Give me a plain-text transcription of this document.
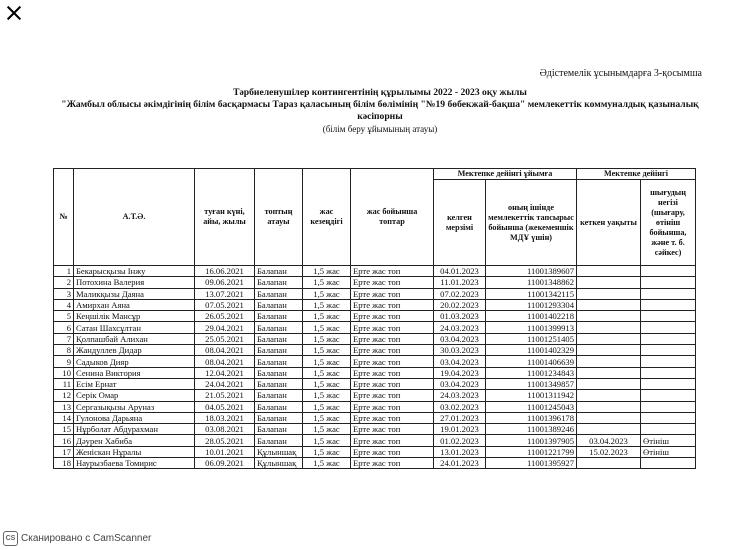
Әдістемелік ұсынымдарға 3-қосымша
Тәрбиеленушілер контингентінің құрылымы 2022 - 2023 оқу жылы
"Жамбыл облысы әкімдігінің білім басқармасы Тараз қаласының білім бөлімінің "№19 бөбекжай-бақша" мемлекеттік коммуналдық қазыналық
кәсіпорны
(білім беру ұйымының атауы)
№	А.Т.Ә.	туған күні, айы, жылы	топтың атауы	жас кезеңдігі	жас бойынша топтар	Мектепке дейінгі ұйымға		Мектепке дейінгі	
						келген мерзімі	оның ішінде мемлекеттік тапсырыс бойынша (жекеменшік МДҰ үшін)	кеткен уақыты	шығудың негізі (шығару, өтініш бойынша, және т. б. сәйкес)
1	Бекарысқызы Інжу	16.06.2021	Балапан	1,5 жас	Ерте жас топ	04.01.2023	11001389607		
2	Потохина Валерия	09.06.2021	Балапан	1,5 жас	Ерте жас топ	11.01.2023	11001348862		
3	Маликқызы Даяна	13.07.2021	Балапан	1,5 жас	Ерте жас топ	07.02.2023	11001342115		
4	Амирхан Аяна	07.05.2021	Балапан	1,5 жас	Ерте жас топ	20.02.2023	11001293304		
5	Кеңшілік Мансұр	26.05.2021	Балапан	1,5 жас	Ерте жас топ	01.03.2023	11001402218		
6	Сатан Шахсұлтан	29.04.2021	Балапан	1,5 жас	Ерте жас топ	24.03.2023	11001399913		
7	Қолпашбай Алихан	25.05.2021	Балапан	1,5 жас	Ерте жас топ	03.04.2023	11001251405		
8	Жандуллев Дидар	08.04.2021	Балапан	1,5 жас	Ерте жас топ	30.03.2023	11001402329		
9	Садыков Дияр	08.04.2021	Балапан	1,5 жас	Ерте жас топ	03.04.2023	11001406639		
10	Сенина Виктория	12.04.2021	Балапан	1,5 жас	Ерте жас топ	19.04.2023	11001234843		
11	Есім Ернат	24.04.2021	Балапан	1,5 жас	Ерте жас топ	03.04.2023	11001349857		
12	Серік Омар	21.05.2021	Балапан	1,5 жас	Ерте жас топ	24.03.2023	11001311942		
13	Сергазықызы Аруназ	04.05.2021	Балапан	1,5 жас	Ерте жас топ	03.02.2023	11001245043		
14	Гулонова Дарьяна	18.03.2021	Балапан	1,5 жас	Ерте жас топ	27.01.2023	11001396178		
15	Нұрболат Абдурахман	03.08.2021	Балапан	1,5 жас	Ерте жас топ	19.01.2023	11001389246		
16	Дәурен Хабиба	28.05.2021	Балапан	1,5 жас	Ерте жас топ	01.02.2023	11001397905	03.04.2023	Өтініш
17	Женіскан Нұралы	10.01.2021	Құлыншақ	1,5 жас	Ерте жас топ	13.01.2023	11001221799	15.02.2023	Өтініш
18	Наурызбаева Томирис	06.09.2021	Құлыншақ	1,5 жас	Ерте жас топ	24.01.2023	11001395927		
CS Сканировано с CamScanner
